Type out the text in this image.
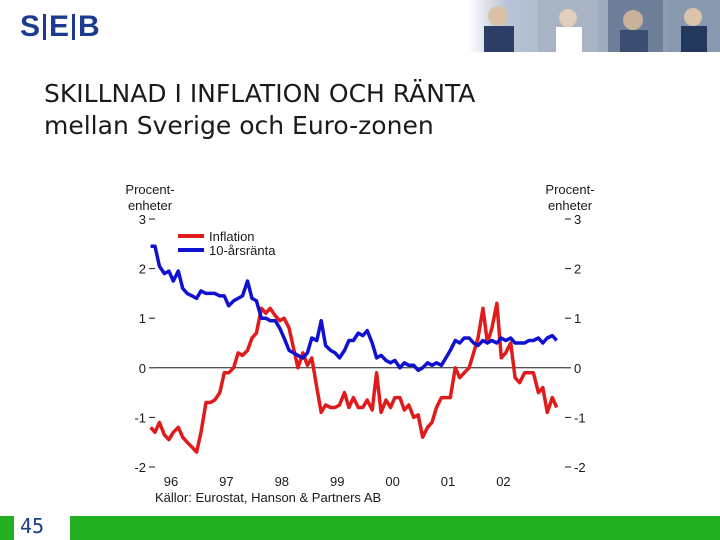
S E B
SKILLNAD I INFLATION OCH RÄNTA
mellan Sverige och Euro-zonen
3	3
2	2
1	1
0	0
-1	-1
-2	-2
Procent-
enheter
Procent-
enheter
96	97	98	99	00	01	02
Källor: Eurostat, Hanson & Partners AB
Inflation
10-årsränta
45
